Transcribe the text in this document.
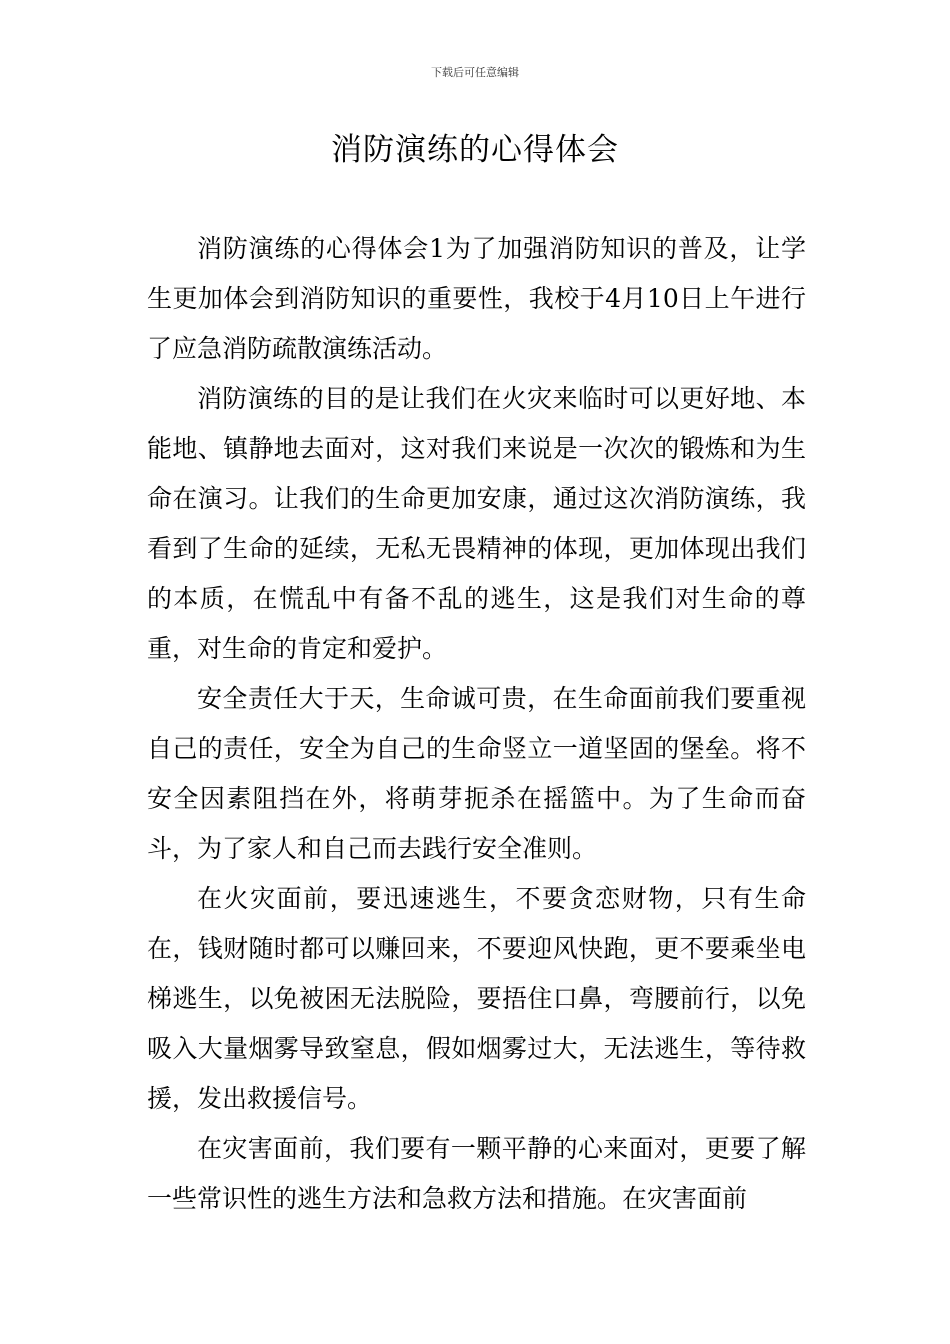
下载后可任意编辑
消防演练的心得体会

消防演练的心得体会1为了加强消防知识的普及，让学生更加体会到消防知识的重要性，我校于4月10日上午进行了应急消防疏散演练活动。

消防演练的目的是让我们在火灾来临时可以更好地、本能地、镇静地去面对，这对我们来说是一次次的锻炼和为生命在演习。让我们的生命更加安康，通过这次消防演练，我看到了生命的延续，无私无畏精神的体现，更加体现出我们的本质，在慌乱中有备不乱的逃生，这是我们对生命的尊重，对生命的肯定和爱护。

安全责任大于天，生命诚可贵，在生命面前我们要重视自己的责任，安全为自己的生命竖立一道坚固的堡垒。将不安全因素阻挡在外，将萌芽扼杀在摇篮中。为了生命而奋斗，为了家人和自己而去践行安全准则。

在火灾面前，要迅速逃生，不要贪恋财物，只有生命在，钱财随时都可以赚回来，不要迎风快跑，更不要乘坐电梯逃生，以免被困无法脱险，要捂住口鼻，弯腰前行，以免吸入大量烟雾导致窒息，假如烟雾过大，无法逃生，等待救援，发出救援信号。

在灾害面前，我们要有一颗平静的心来面对，更要了解一些常识性的逃生方法和急救方法和措施。在灾害面前
